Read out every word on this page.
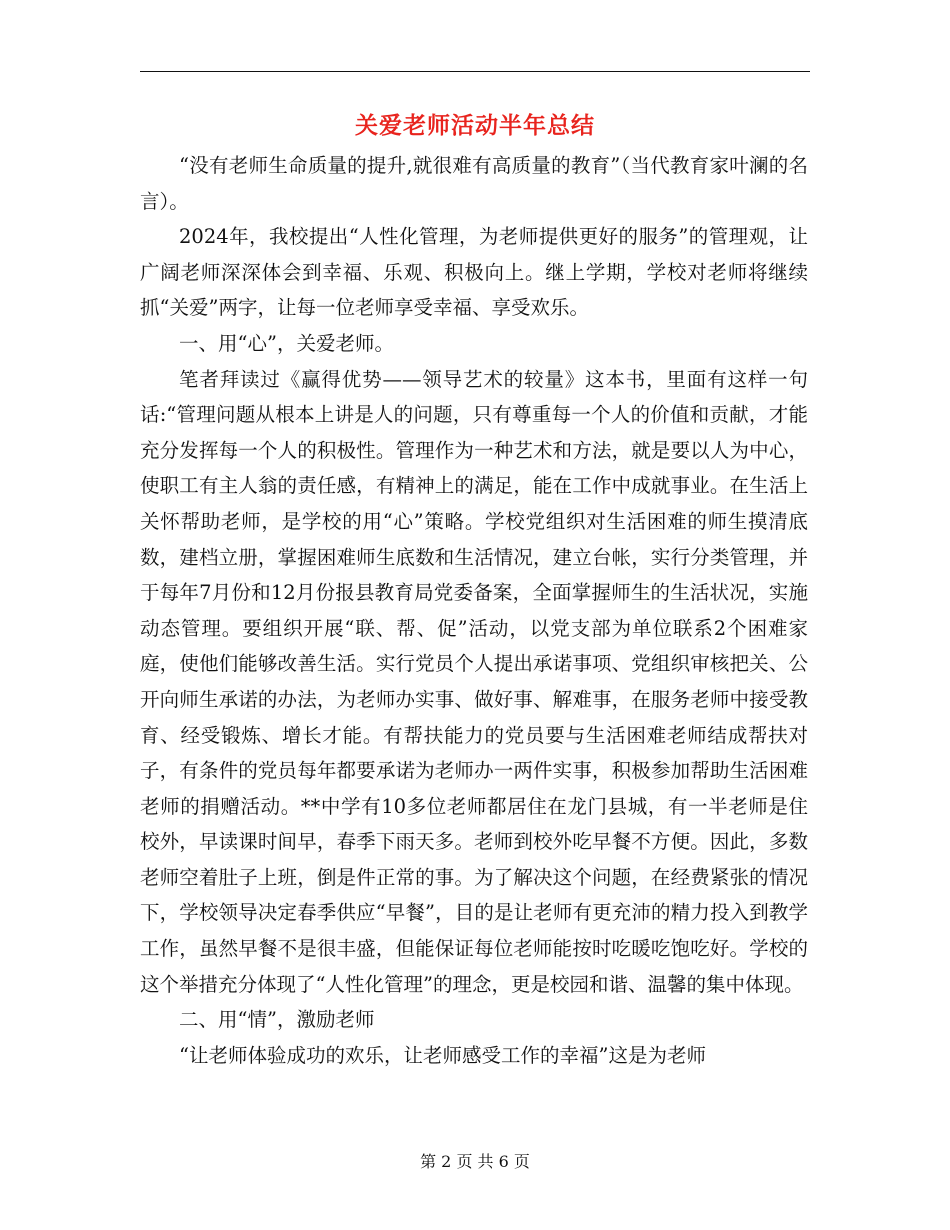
关爱老师活动半年总结

“没有老师生命质量的提升,就很难有高质量的教育”（当代教育家叶澜的名言）。

2024年，我校提出“人性化管理，为老师提供更好的服务”的管理观，让广阔老师深深体会到幸福、乐观、积极向上。继上学期，学校对老师将继续抓“关爱”两字，让每一位老师享受幸福、享受欢乐。

一、用“心”，关爱老师。

笔者拜读过《赢得优势——领导艺术的较量》这本书，里面有这样一句话:“管理问题从根本上讲是人的问题，只有尊重每一个人的价值和贡献，才能充分发挥每一个人的积极性。管理作为一种艺术和方法，就是要以人为中心，使职工有主人翁的责任感，有精神上的满足，能在工作中成就事业。在生活上关怀帮助老师，是学校的用“心”策略。学校党组织对生活困难的师生摸清底数，建档立册，掌握困难师生底数和生活情况，建立台帐，实行分类管理，并于每年7月份和12月份报县教育局党委备案，全面掌握师生的生活状况，实施动态管理。要组织开展“联、帮、促”活动，以党支部为单位联系2个困难家庭，使他们能够改善生活。实行党员个人提出承诺事项、党组织审核把关、公开向师生承诺的办法，为老师办实事、做好事、解难事，在服务老师中接受教育、经受锻炼、增长才能。有帮扶能力的党员要与生活困难老师结成帮扶对子，有条件的党员每年都要承诺为老师办一两件实事，积极参加帮助生活困难老师的捐赠活动。**中学有10多位老师都居住在龙门县城，有一半老师是住校外，早读课时间早，春季下雨天多。老师到校外吃早餐不方便。因此，多数老师空着肚子上班，倒是件正常的事。为了解决这个问题，在经费紧张的情况下，学校领导决定春季供应“早餐”，目的是让老师有更充沛的精力投入到教学工作，虽然早餐不是很丰盛，但能保证每位老师能按时吃暖吃饱吃好。学校的这个举措充分体现了“人性化管理”的理念，更是校园和谐、温馨的集中体现。

二、用“情”，激励老师

“让老师体验成功的欢乐，让老师感受工作的幸福”这是为老师

第 2 页 共 6 页
